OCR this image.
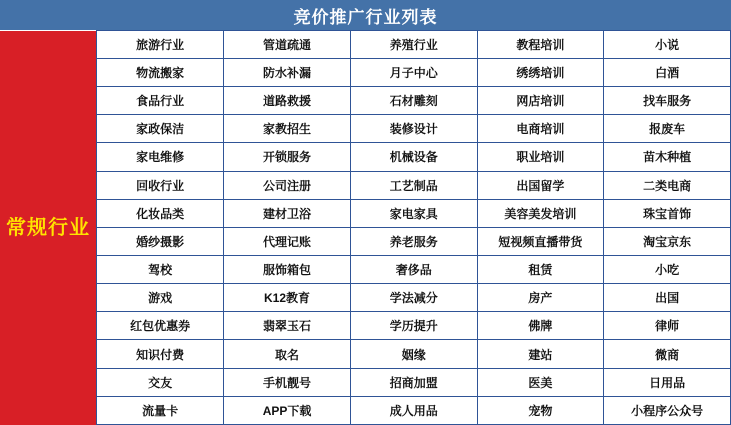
竞价推广行业列表
常规 行业
旅游行业	管道疏通	养殖行业	教程培训	小说
物流搬家	防水补漏	月子中心	绣绣培训	白酒
食品行业	道路救援	石材雕刻	网店培训	找车服务
家政保洁	家教招生	装修设计	电商培训	报废车
家电维修	开锁服务	机械设备	职业培训	苗木种植
回收行业	公司注册	工艺制品	出国留学	二类电商
化妆品类	建材卫浴	家电家具	美容美发培训	珠宝首饰
婚纱摄影	代理记账	养老服务	短视频直播带货	淘宝京东
驾校	服饰箱包	奢侈品	租赁	小吃
游戏	K12教育	学法减分	房产	出国
红包优惠券	翡翠玉石	学历提升	佛牌	律师
知识付费	取名	姻缘	建站	微商
交友	手机靓号	招商加盟	医美	日用品
流量卡	APP下载	成人用品	宠物	小程序公众号
